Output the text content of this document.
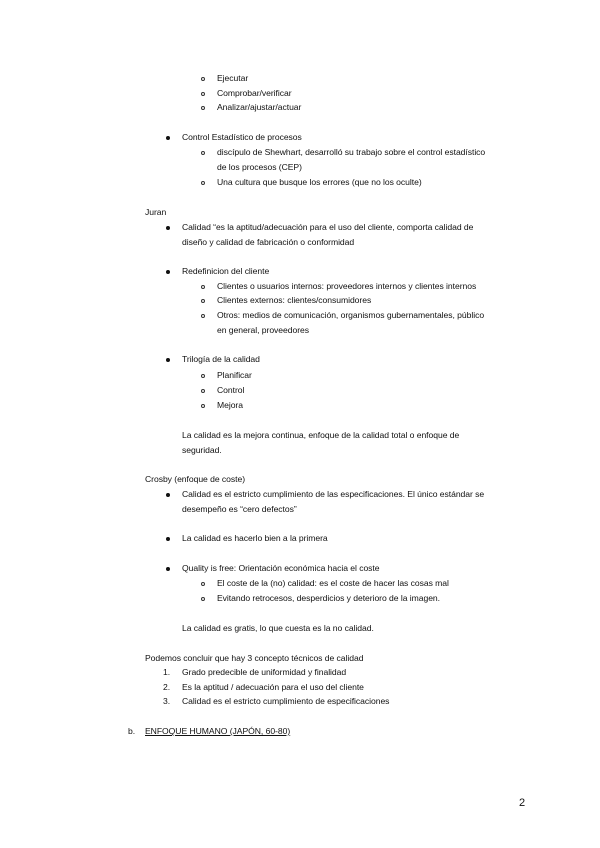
Ejecutar
Comprobar/verificar
Analizar/ajustar/actuar
Control Estadístico de procesos
discípulo de Shewhart, desarrolló su trabajo sobre el control estadístico
de los procesos (CEP)
Una cultura que busque los errores (que no los oculte)
Juran
Calidad “es la aptitud/adecuación para el uso del cliente, comporta calidad de
diseño y calidad de fabricación o conformidad
Redefinicion del cliente
Clientes o usuarios internos: proveedores internos y clientes internos
Clientes externos: clientes/consumidores
Otros: medios de comunicación, organismos gubernamentales, público
en general, proveedores
Trilogía de la calidad
Planificar
Control
Mejora
La calidad es la mejora continua, enfoque de la calidad total o enfoque de
seguridad.
Crosby (enfoque de coste)
Calidad es el estricto cumplimiento de las especificaciones. El único estándar se
desempeño es “cero defectos”
La calidad es hacerlo bien a la primera
Quality is free: Orientación económica hacia el coste
El coste de la (no) calidad: es el coste de hacer las cosas mal
Evitando retrocesos, desperdicios y deterioro de la imagen.
La calidad es gratis, lo que cuesta es la no calidad.
Podemos concluir que hay 3 concepto técnicos de calidad
1. Grado predecible de uniformidad y finalidad
2. Es la aptitud / adecuación para el uso del cliente
3. Calidad es el estricto cumplimiento de especificaciones
b. ENFOQUE HUMANO (JAPÓN, 60-80)
2
